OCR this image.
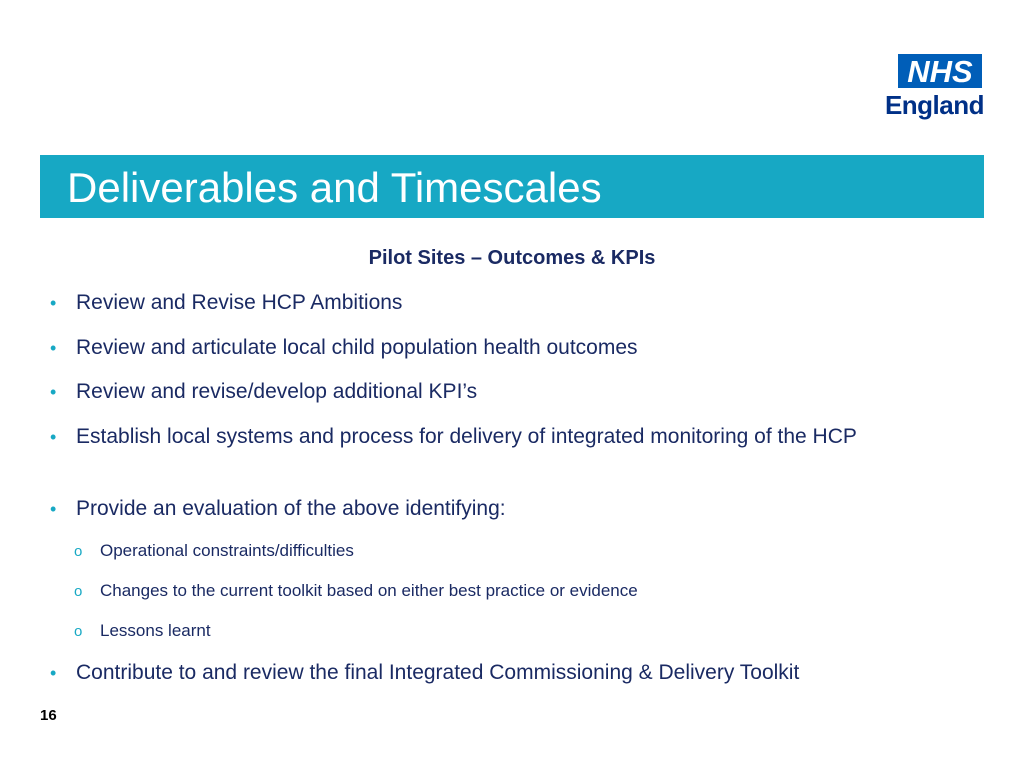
NHS
England
Deliverables and Timescales
Pilot Sites – Outcomes & KPIs
• Review and Revise HCP Ambitions
• Review and articulate local child population health outcomes
• Review and revise/develop additional KPI’s
• Establish local systems and process for delivery of integrated monitoring of the HCP
• Provide an evaluation of the above identifying:
o Operational constraints/difficulties
o Changes to the current toolkit based on either best practice or evidence
o Lessons learnt
• Contribute to and review the final Integrated Commissioning & Delivery Toolkit
16
